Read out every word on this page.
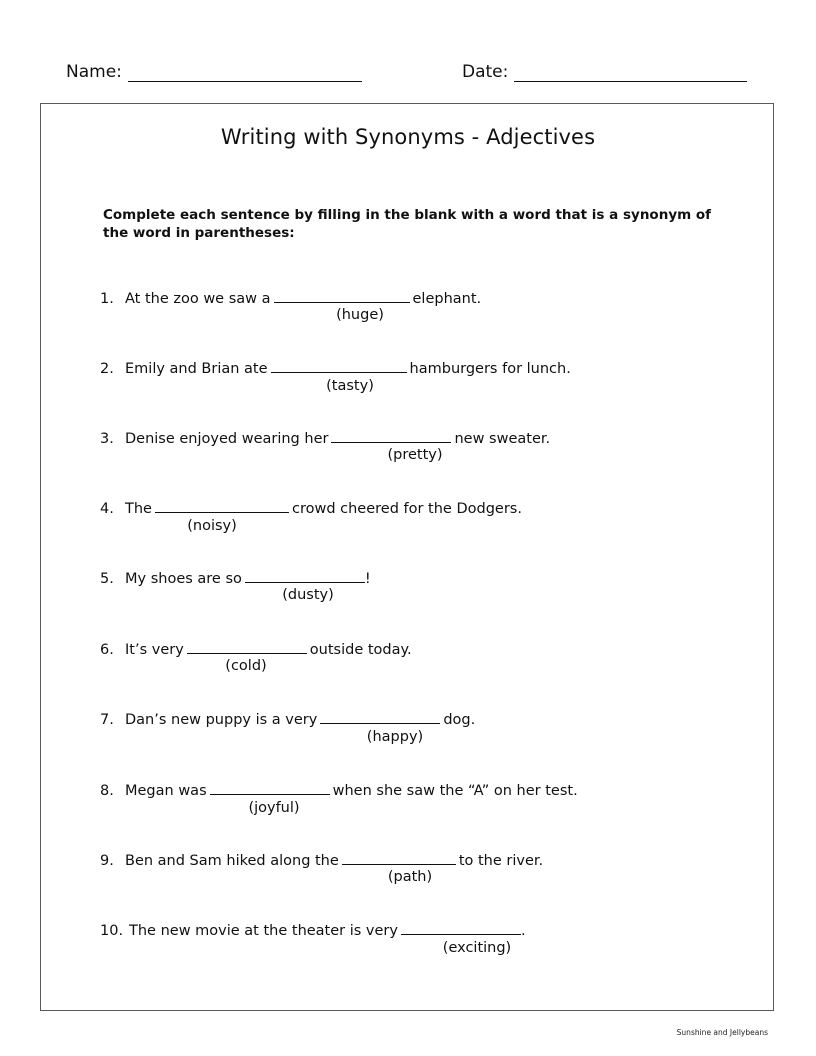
Name:	Date:
Writing with Synonyms - Adjectives
Complete each sentence by filling in the blank with a word that is a synonym of the word in parentheses:
1. At the zoo we saw a	elephant.
(huge)
2. Emily and Brian ate	hamburgers for lunch.
(tasty)
3. Denise enjoyed wearing her	new sweater.
(pretty)
4. The	crowd cheered for the Dodgers.
(noisy)
5. My shoes are so	!
(dusty)
6. It’s very	outside today.
(cold)
7. Dan’s new puppy is a very	dog.
(happy)
8. Megan was	when she saw the “A” on her test.
(joyful)
9. Ben and Sam hiked along the	to the river.
(path)
10. The new movie at the theater is very	.
(exciting)
Sunshine and Jellybeans
